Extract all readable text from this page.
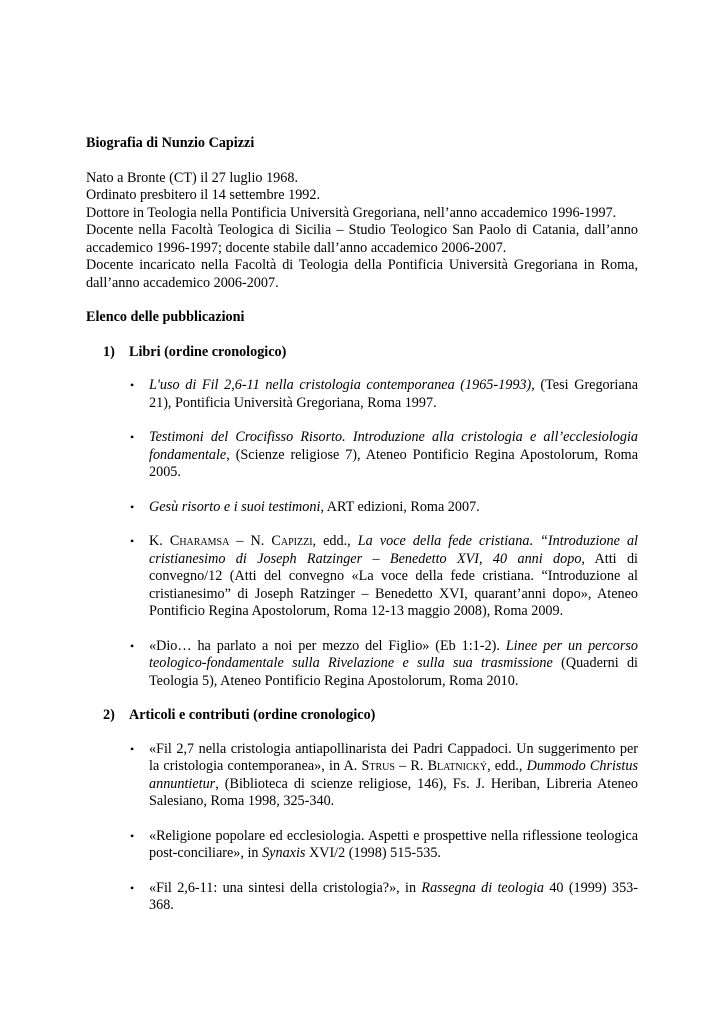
Biografia di Nunzio Capizzi

Nato a Bronte (CT) il 27 luglio 1968.

Ordinato presbitero il 14 settembre 1992.

Dottore in Teologia nella Pontificia Università Gregoriana, nell’anno accademico 1996-1997.

Docente nella Facoltà Teologica di Sicilia – Studio Teologico San Paolo di Catania, dall’anno accademico 1996-1997; docente stabile dall’anno accademico 2006-2007.

Docente incaricato nella Facoltà di Teologia della Pontificia Università Gregoriana in Roma, dall’anno accademico 2006-2007.

Elenco delle pubblicazioni
1) Libri (ordine cronologico)
• L'uso di Fil 2,6-11 nella cristologia contemporanea (1965-1993), (Tesi Gregoriana 21), Pontificia Università Gregoriana, Roma 1997.
• Testimoni del Crocifisso Risorto. Introduzione alla cristologia e all’ecclesiologia fondamentale, (Scienze religiose 7), Ateneo Pontificio Regina Apostolorum, Roma 2005.
• Gesù risorto e i suoi testimoni, ART edizioni, Roma 2007.
• K. Charamsa – N. Capizzi, edd., La voce della fede cristiana. “Introduzione al cristianesimo di Joseph Ratzinger – Benedetto XVI, 40 anni dopo, Atti di convegno/12 (Atti del convegno «La voce della fede cristiana. “Introduzione al cristianesimo” di Joseph Ratzinger – Benedetto XVI, quarant’anni dopo», Ateneo Pontificio Regina Apostolorum, Roma 12-13 maggio 2008), Roma 2009.
• «Dio… ha parlato a noi per mezzo del Figlio» (Eb 1:1-2). Linee per un percorso teologico-fondamentale sulla Rivelazione e sulla sua trasmissione (Quaderni di Teologia 5), Ateneo Pontificio Regina Apostolorum, Roma 2010.
2) Articoli e contributi (ordine cronologico)
• «Fil 2,7 nella cristologia antiapollinarista dei Padri Cappadoci. Un suggerimento per la cristologia contemporanea», in A. Strus – R. Blatnický, edd., Dummodo Christus annuntietur, (Biblioteca di scienze religiose, 146), Fs. J. Heriban, Libreria Ateneo Salesiano, Roma 1998, 325-340.
• «Religione popolare ed ecclesiologia. Aspetti e prospettive nella riflessione teologica post-conciliare», in Synaxis XVI/2 (1998) 515-535.
• «Fil 2,6-11: una sintesi della cristologia?», in Rassegna di teologia 40 (1999) 353-368.
